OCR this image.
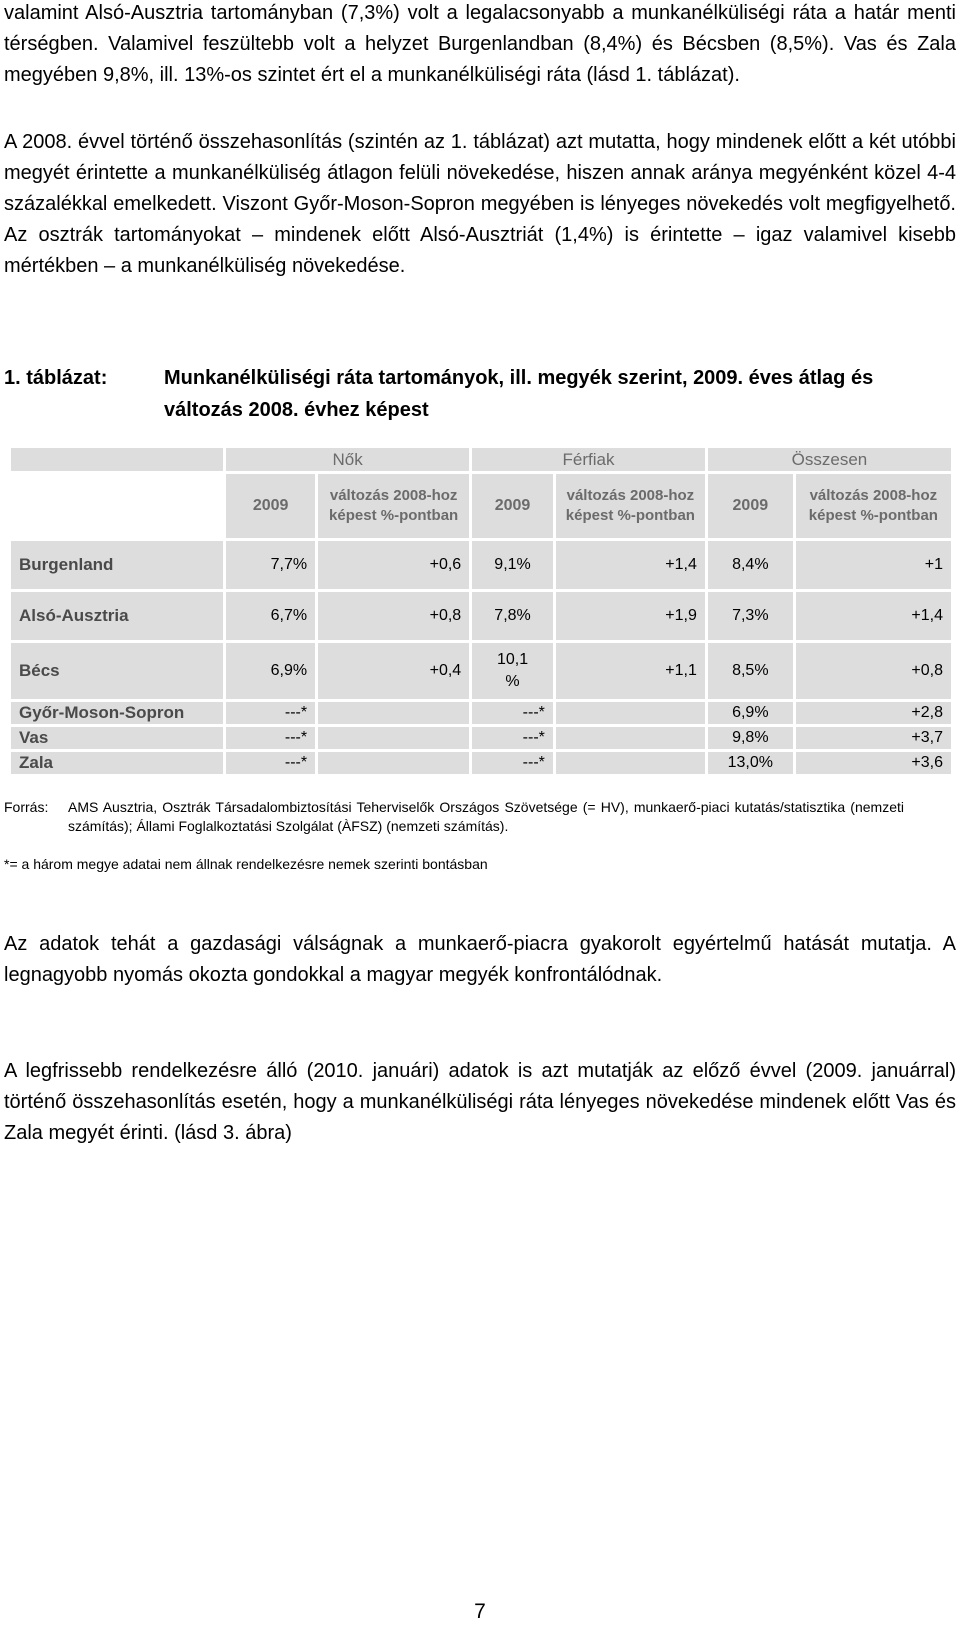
valamint Alsó-Ausztria tartományban (7,3%) volt a legalacsonyabb a munkanélküliségi ráta a határ menti térségben. Valamivel feszültebb volt a helyzet Burgenlandban (8,4%) és Bécsben (8,5%). Vas és Zala megyében 9,8%, ill. 13%-os szintet ért el a munkanélküliségi ráta (lásd 1. táblázat).

A 2008. évvel történő összehasonlítás (szintén az 1. táblázat) azt mutatta, hogy mindenek előtt a két utóbbi megyét érintette a munkanélküliség átlagon felüli növekedése, hiszen annak aránya megyénként közel 4-4 százalékkal emelkedett. Viszont Győr-Moson-Sopron megyében is lényeges növekedés volt megfigyelhető. Az osztrák tartományokat – mindenek előtt Alsó-Ausztriát (1,4%) is érintette – igaz valamivel kisebb mértékben – a munkanélküliség növekedése.

1. táblázat:	Munkanélküliségi ráta tartományok, ill. megyék szerint, 2009. éves átlag és változás 2008. évhez képest
	Nők		Férfiak		Összesen	
	2009	változás 2008-hoz képest %-pontban	2009	változás 2008-hoz képest %-pontban	2009	változás 2008-hoz képest %-pontban
Burgenland	7,7%	+0,6	9,1%	+1,4	8,4%	+1
Alsó-Ausztria	6,7%	+0,8	7,8%	+1,9	7,3%	+1,4
Bécs	6,9%	+0,4	10,1 %	+1,1	8,5%	+0,8
Győr-Moson-Sopron	---*		---*		6,9%	+2,8
Vas	---*		---*		9,8%	+3,7
Zala	---*		---*		13,0%	+3,6
Forrás: AMS Ausztria, Osztrák Társadalombiztosítási Teherviselők Országos Szövetsége (= HV), munkaerő-piaci kutatás/statisztika (nemzeti számítás); Állami Foglalkoztatási Szolgálat (ÀFSZ) (nemzeti számítás).
*= a három megye adatai nem állnak rendelkezésre nemek szerinti bontásban

Az adatok tehát a gazdasági válságnak a munkaerő-piacra gyakorolt egyértelmű hatását mutatja. A legnagyobb nyomás okozta gondokkal a magyar megyék konfrontálódnak.

A legfrissebb rendelkezésre álló (2010. januári) adatok is azt mutatják az előző évvel (2009. januárral) történő összehasonlítás esetén, hogy a munkanélküliségi ráta lényeges növekedése mindenek előtt Vas és Zala megyét érinti. (lásd 3. ábra)

7
